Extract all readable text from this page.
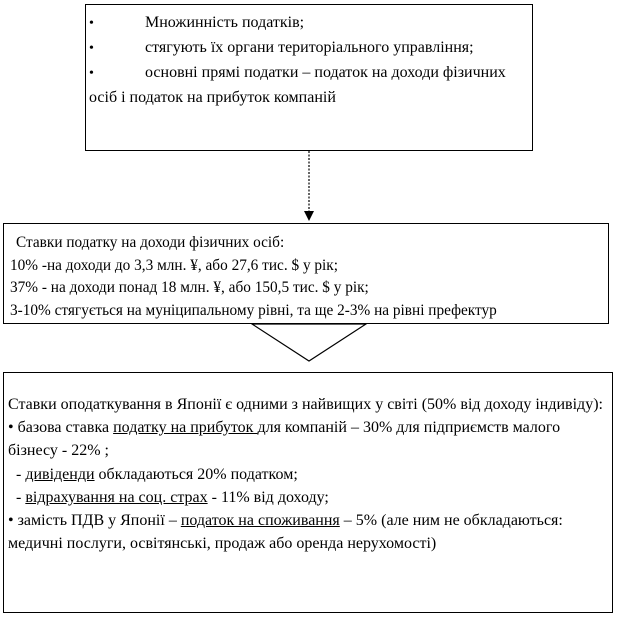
•	Множинність податків;
•	стягують їх органи територіального управління;
•	основні прямі податки – податок на доходи фізичних осіб і податок на прибуток компаній
Ставки податку на доходи фізичних осіб:
10% -на доходи до 3,3 млн. ¥, або 27,6 тис. $ у рік;
37% - на доходи понад 18 млн. ¥, або 150,5 тис. $ у рік;
3-10% стягується на муніципальному рівні, та ще 2-3% на рівні префектур
Ставки оподаткування в Японії є одними з найвищих у світі (50% від доходу індивіду):
• базова ставка податку на прибуток для компаній – 30% для підприємств малого бізнесу - 22% ;
- дивіденди обкладаються 20% податком;
- відрахування на соц. страх - 11% від доходу;
• замість ПДВ у Японії – податок на споживання – 5% (але ним не обкладаються: медичні послуги, освітянські, продаж або оренда нерухомості)
